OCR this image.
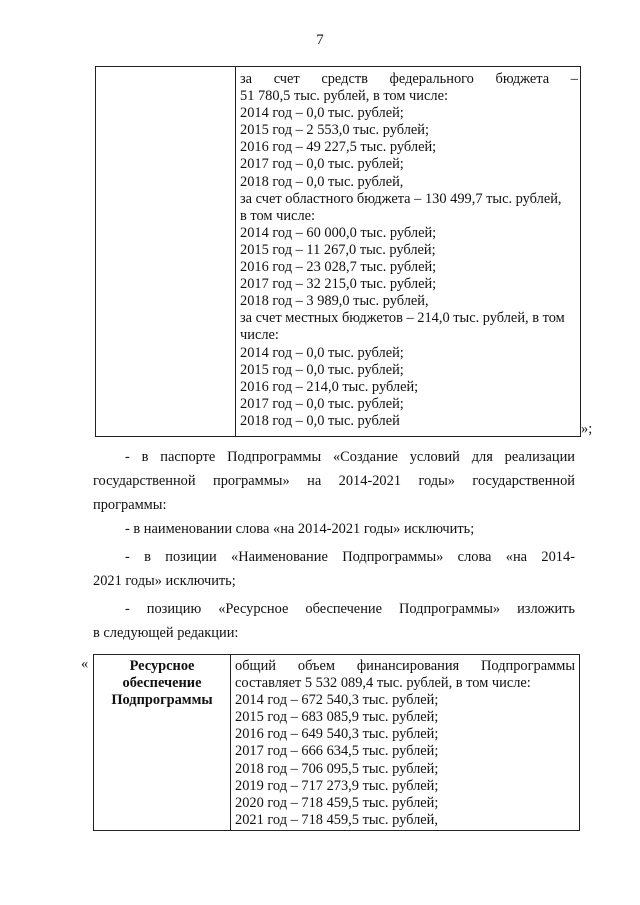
7
за счет средств федерального бюджета –
51 780,5 тыс. рублей, в том числе:
2014 год – 0,0 тыс. рублей;
2015 год – 2 553,0 тыс. рублей;
2016 год – 49 227,5 тыс. рублей;
2017 год – 0,0 тыс. рублей;
2018 год – 0,0 тыс. рублей,
за счет областного бюджета – 130 499,7 тыс. рублей,
в том числе:
2014 год – 60 000,0 тыс. рублей;
2015 год – 11 267,0 тыс. рублей;
2016 год – 23 028,7 тыс. рублей;
2017 год – 32 215,0 тыс. рублей;
2018 год – 3 989,0 тыс. рублей,
за счет местных бюджетов – 214,0 тыс. рублей, в том
числе:
2014 год – 0,0 тыс. рублей;
2015 год – 0,0 тыс. рублей;
2016 год – 214,0 тыс. рублей;
2017 год – 0,0 тыс. рублей;
2018 год – 0,0 тыс. рублей
»;
- в паспорте Подпрограммы «Создание условий для реализации
государственной программы» на 2014-2021 годы» государственной
программы:
- в наименовании слова «на 2014-2021 годы» исключить;
- в позиции «Наименование Подпрограммы» слова «на 2014-
2021 годы» исключить;
- позицию «Ресурсное обеспечение Подпрограммы» изложить
в следующей редакции:
«	Ресурсное
обеспечение
Подпрограммы
общий объем финансирования Подпрограммы
составляет 5 532 089,4 тыс. рублей, в том числе:
2014 год – 672 540,3 тыс. рублей;
2015 год – 683 085,9 тыс. рублей;
2016 год – 649 540,3 тыс. рублей;
2017 год – 666 634,5 тыс. рублей;
2018 год – 706 095,5 тыс. рублей;
2019 год – 717 273,9 тыс. рублей;
2020 год – 718 459,5 тыс. рублей;
2021 год – 718 459,5 тыс. рублей,
